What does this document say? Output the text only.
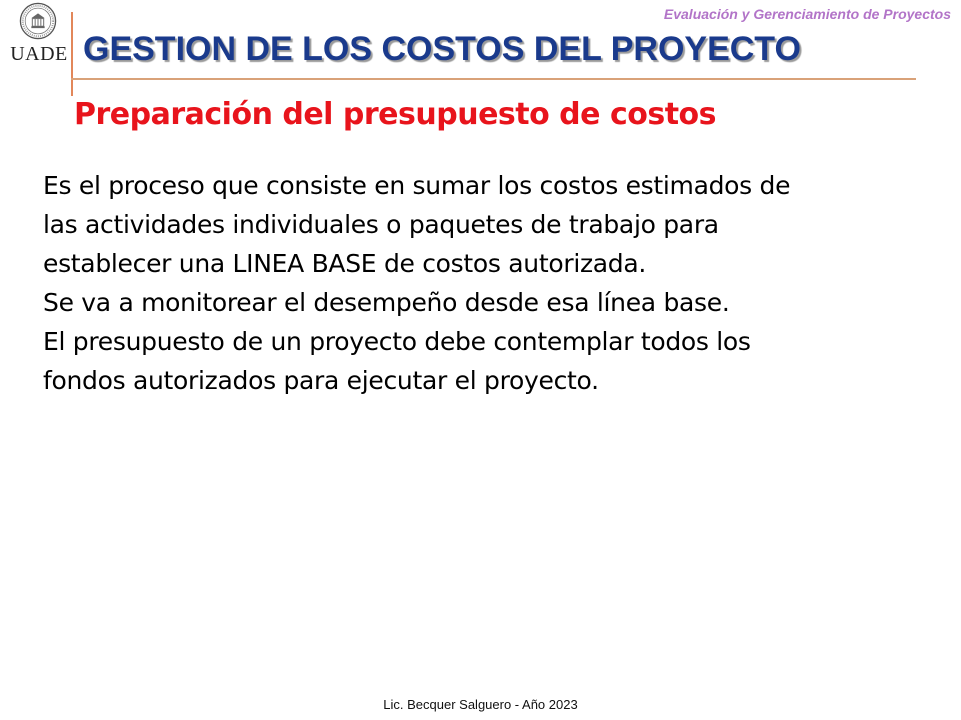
UADE
Evaluación y Gerenciamiento de Proyectos
GESTION DE LOS COSTOS DEL PROYECTO
Preparación del presupuesto de costos
Es el proceso que consiste en sumar los costos estimados de
las actividades individuales o paquetes de trabajo para
establecer una LINEA BASE de costos autorizada.
Se va a monitorear el desempeño desde esa línea base.
El presupuesto de un proyecto debe contemplar todos los
fondos autorizados para ejecutar el proyecto.
Lic. Becquer Salguero - Año 2023
